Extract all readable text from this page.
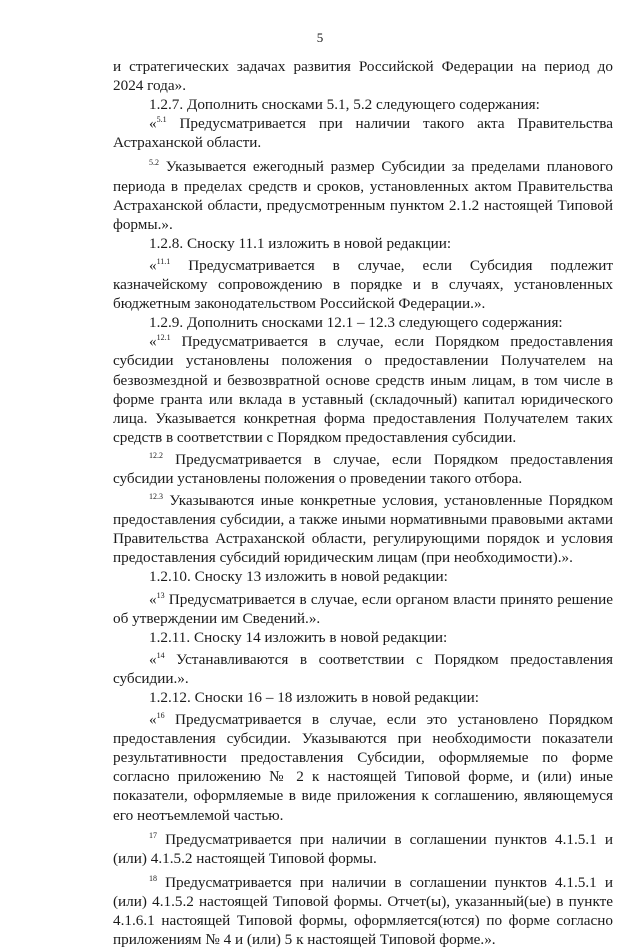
5

и стратегических задачах развития Российской Федерации на период до 2024 года».

1.2.7. Дополнить сносками 5.1, 5.2 следующего содержания:

«$^{5.1}$ Предусматривается при наличии такого акта Правительства Астраханской области.

$^{5.2}$ Указывается ежегодный размер Субсидии за пределами планового периода в пределах средств и сроков, установленных актом Правительства Астраханской области, предусмотренным пунктом 2.1.2 настоящей Типовой формы.».

1.2.8. Сноску 11.1 изложить в новой редакции:

«$^{11.1}$ Предусматривается в случае, если Субсидия подлежит казначейскому сопровождению в порядке и в случаях, установленных бюджетным законодательством Российской Федерации.».

1.2.9. Дополнить сносками 12.1 – 12.3 следующего содержания:

«$^{12.1}$ Предусматривается в случае, если Порядком предоставления субсидии установлены положения о предоставлении Получателем на безвозмездной и безвозвратной основе средств иным лицам, в том числе в форме гранта или вклада в уставный (складочный) капитал юридического лица. Указывается конкретная форма предоставления Получателем таких средств в соответствии с Порядком предоставления субсидии.

$^{12.2}$ Предусматривается в случае, если Порядком предоставления субсидии установлены положения о проведении такого отбора.

$^{12.3}$ Указываются иные конкретные условия, установленные Порядком предоставления субсидии, а также иными нормативными правовыми актами Правительства Астраханской области, регулирующими порядок и условия предоставления субсидий юридическим лицам (при необходимости).».

1.2.10. Сноску 13 изложить в новой редакции:

«$^{13}$ Предусматривается в случае, если органом власти принято решение об утверждении им Сведений.».

1.2.11. Сноску 14 изложить в новой редакции:

«$^{14}$ Устанавливаются в соответствии с Порядком предоставления субсидии.».

1.2.12. Сноски 16 – 18 изложить в новой редакции:

«$^{16}$ Предусматривается в случае, если это установлено Порядком предоставления субсидии. Указываются при необходимости показатели результативности предоставления Субсидии, оформляемые по форме согласно приложению № 2 к настоящей Типовой форме, и (или) иные показатели, оформляемые в виде приложения к соглашению, являющемуся его неотъемлемой частью.

$^{17}$ Предусматривается при наличии в соглашении пунктов 4.1.5.1 и (или) 4.1.5.2 настоящей Типовой формы.

$^{18}$ Предусматривается при наличии в соглашении пунктов 4.1.5.1 и (или) 4.1.5.2 настоящей Типовой формы. Отчет(ы), указанный(ые) в пункте 4.1.6.1 настоящей Типовой формы, оформляется(ются) по форме согласно приложениям № 4 и (или) 5 к настоящей Типовой форме.».
